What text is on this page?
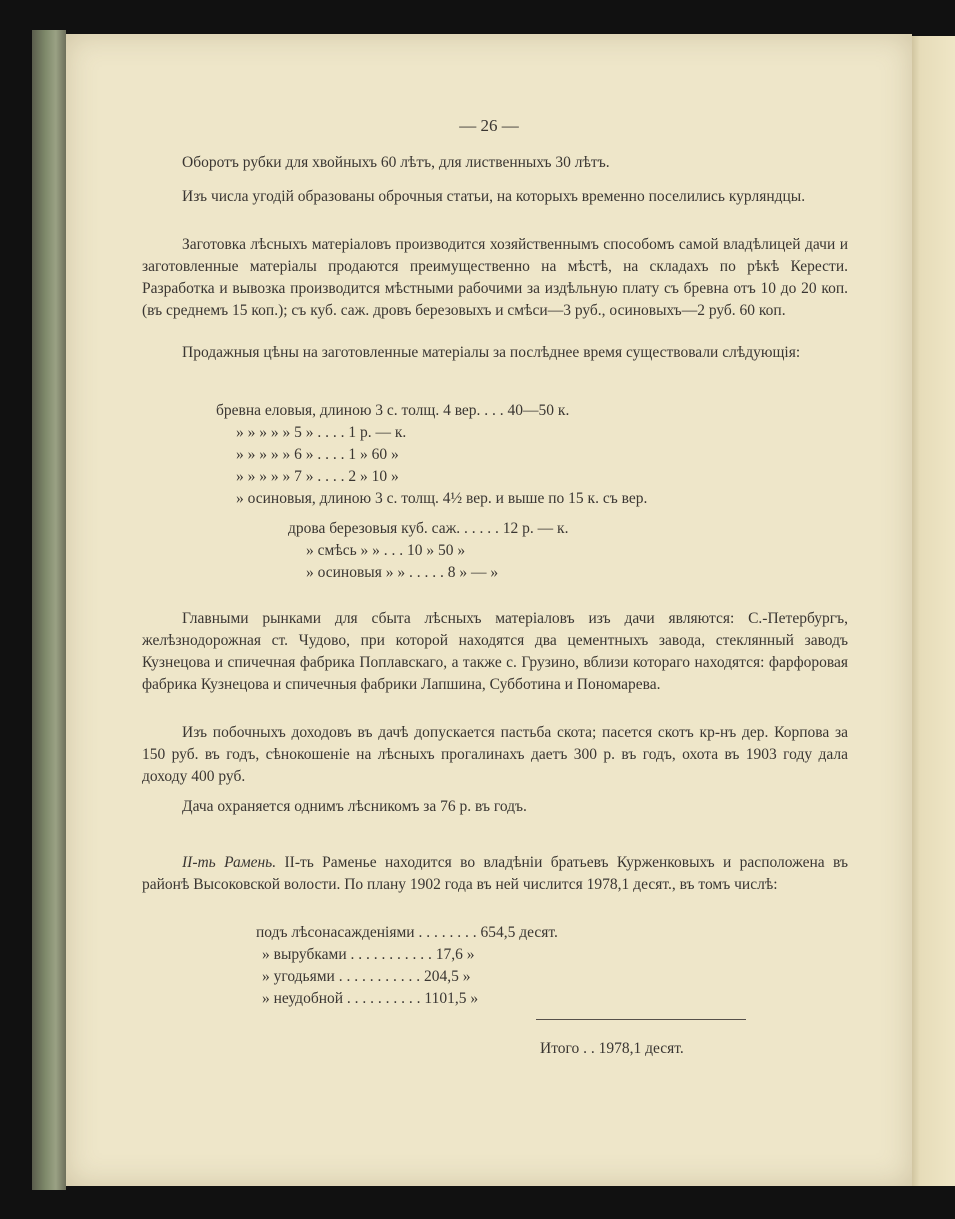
— 26 —

Оборотъ рубки для хвойныхъ 60 лѣтъ, для лиственныхъ 30 лѣтъ.

Изъ числа угодій образованы оброчныя статьи, на которыхъ временно поселились курляндцы.

Заготовка лѣсныхъ матеріаловъ производится хозяйственнымъ способомъ самой владѣлицей дачи и заготовленные матеріалы продаются преимущественно на мѣстѣ, на складахъ по рѣкѣ Керести. Разработка и вывозка производится мѣстными рабочими за издѣльную плату съ бревна отъ 10 до 20 коп. (въ среднемъ 15 коп.); съ куб. саж. дровъ березовыхъ и смѣси—3 руб., осиновыхъ—2 руб. 60 коп.

Продажныя цѣны на заготовленные матеріалы за послѣднее время существовали слѣдующія:

бревна еловыя, длиною 3 с. толщ. 4 вер. . . . 40—50 к.
» » » » » 5 » . . . . 1 р. — к.
» » » » » 6 » . . . . 1 » 60 »
» » » » » 7 » . . . . 2 » 10 »
» осиновыя, длиною 3 с. толщ. 4½ вер. и выше по 15 к. съ вер.
дрова березовыя куб. саж. . . . . . 12 р. — к.
» смѣсь » » . . . 10 » 50 »
» осиновыя » » . . . . . 8 » — »

Главными рынками для сбыта лѣсныхъ матеріаловъ изъ дачи являются: С.-Петербургъ, желѣзнодорожная ст. Чудово, при которой находятся два цементныхъ завода, стеклянный заводъ Кузнецова и спичечная фабрика Поплавскаго, а также с. Грузино, вблизи котораго находятся: фарфоровая фабрика Кузнецова и спичечныя фабрики Лапшина, Субботина и Пономарева.

Изъ побочныхъ доходовъ въ дачѣ допускается пастьба скота; пасется скотъ кр-нъ дер. Корпова за 150 руб. въ годъ, сѣнокошеніе на лѣсныхъ прогалинахъ даетъ 300 р. въ годъ, охота въ 1903 году дала доходу 400 руб.

Дача охраняется однимъ лѣсникомъ за 76 р. въ годъ.

II-ть Рамень. II-ть Раменье находится во владѣніи братьевъ Курженковыхъ и расположена въ районѣ Высоковской волости. По плану 1902 года въ ней числится 1978,1 десят., въ томъ числѣ:

подъ лѣсонасажденіями . . . . . . . . 654,5 десят.
» вырубками . . . . . . . . . . . 17,6 »
» угодьями . . . . . . . . . . . 204,5 »
» неудобной . . . . . . . . . . 1101,5 »
Итого . . 1978,1 десят.
